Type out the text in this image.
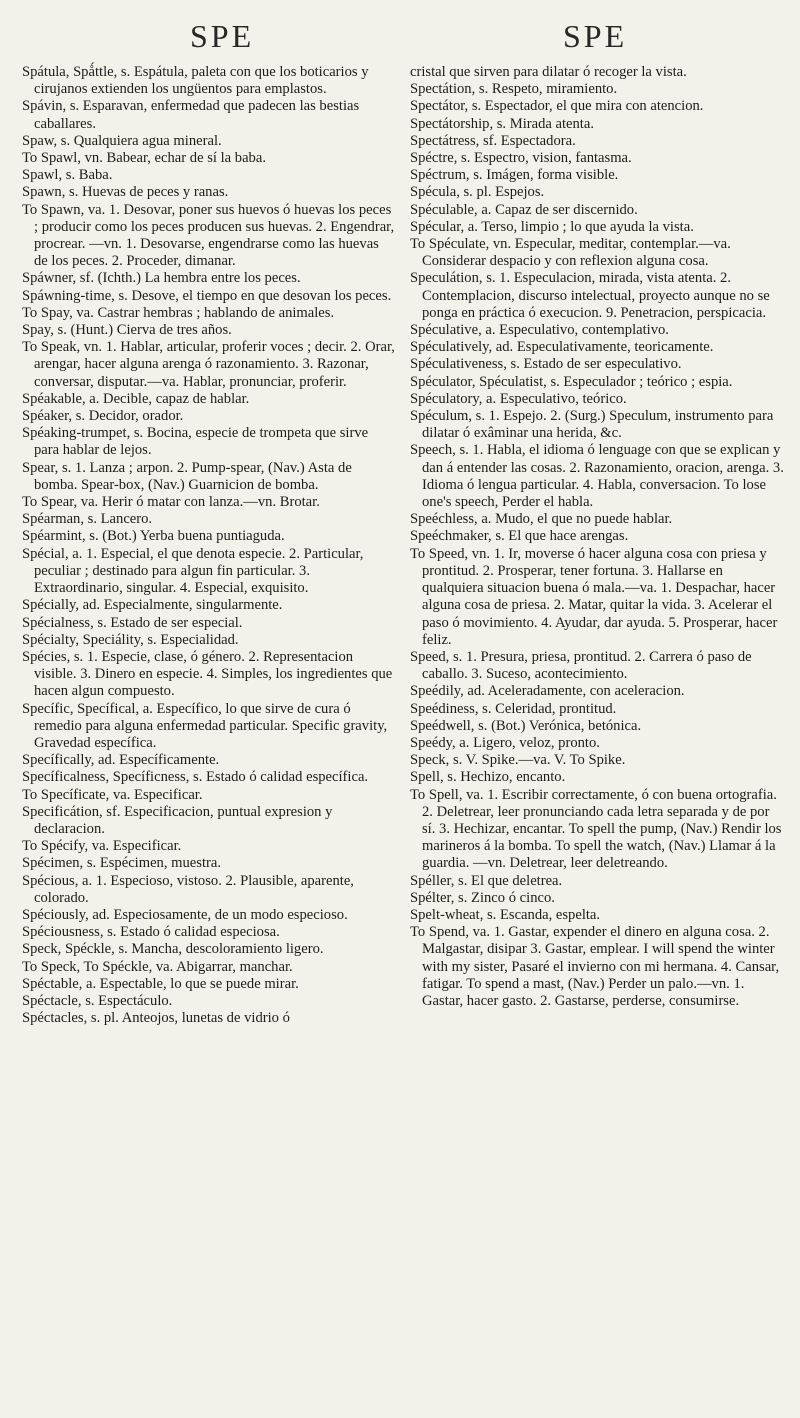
SPE	SPE

Spátula, Spǻttle, s. Espátula, paleta con que los boticarios y cirujanos extienden los ungüentos para emplastos.

Spávin, s. Esparavan, enfermedad que padecen las bestias caballares.

Spaw, s. Qualquiera agua mineral.

To Spawl, vn. Babear, echar de sí la baba.

Spawl, s. Baba.

Spawn, s. Huevas de peces y ranas.

To Spawn, va. 1. Desovar, poner sus huevos ó huevas los peces ; producir como los peces producen sus huevas. 2. Engendrar, procrear. —vn. 1. Desovarse, engendrarse como las huevas de los peces. 2. Proceder, dimanar.

Spáwner, sf. (Ichth.) La hembra entre los peces.

Spáwning-time, s. Desove, el tiempo en que desovan los peces.

To Spay, va. Castrar hembras ; hablando de animales.

Spay, s. (Hunt.) Cierva de tres años.

To Speak, vn. 1. Hablar, articular, proferir voces ; decir. 2. Orar, arengar, hacer alguna arenga ó razonamiento. 3. Razonar, conversar, disputar.—va. Hablar, pronunciar, proferir.

Spéakable, a. Decible, capaz de hablar.

Spéaker, s. Decidor, orador.

Spéaking-trumpet, s. Bocina, especie de trompeta que sirve para hablar de lejos.

Spear, s. 1. Lanza ; arpon. 2. Pump-spear, (Nav.) Asta de bomba. Spear-box, (Nav.) Guarnicion de bomba.

To Spear, va. Herir ó matar con lanza.—vn. Brotar.

Spéarman, s. Lancero.

Spéarmint, s. (Bot.) Yerba buena puntiaguda.

Spécial, a. 1. Especial, el que denota especie. 2. Particular, peculiar ; destinado para algun fin particular. 3. Extraordinario, singular. 4. Especial, exquisito.

Spécially, ad. Especialmente, singularmente.

Spécialness, s. Estado de ser especial.

Spécialty, Speciálity, s. Especialidad.

Spécies, s. 1. Especie, clase, ó género. 2. Representacion visible. 3. Dinero en especie. 4. Simples, los ingredientes que hacen algun compuesto.

Specífic, Specífical, a. Específico, lo que sirve de cura ó remedio para alguna enfermedad particular. Specific gravity, Gravedad específica.

Specífically, ad. Específicamente.

Specíficalness, Specíficness, s. Estado ó calidad específica.

To Specíficate, va. Especificar.

Specificátion, sf. Especificacion, puntual expresion y declaracion.

To Spécify, va. Especificar.

Spécimen, s. Espécimen, muestra.

Spécious, a. 1. Especioso, vistoso. 2. Plausible, aparente, colorado.

Spéciously, ad. Especiosamente, de un modo especioso.

Spéciousness, s. Estado ó calidad especiosa.

Speck, Spéckle, s. Mancha, descoloramiento ligero.

To Speck, To Spéckle, va. Abigarrar, manchar.

Spéctable, a. Espectable, lo que se puede mirar.

Spéctacle, s. Espectáculo.

Spéctacles, s. pl. Anteojos, lunetas de vidrio ó

cristal que sirven para dilatar ó recoger la vista.

Spectátion, s. Respeto, miramiento.

Spectátor, s. Espectador, el que mira con atencion.

Spectátorship, s. Mirada atenta.

Spectátress, sf. Espectadora.

Spéctre, s. Espectro, vision, fantasma.

Spéctrum, s. Imágen, forma visible.

Spécula, s. pl. Espejos.

Spéculable, a. Capaz de ser discernido.

Spécular, a. Terso, limpio ; lo que ayuda la vista.

To Spéculate, vn. Especular, meditar, contemplar.—va. Considerar despacio y con reflexion alguna cosa.

Speculátion, s. 1. Especulacion, mirada, vista atenta. 2. Contemplacion, discurso intelectual, proyecto aunque no se ponga en práctica ó execucion. 9. Penetracion, perspicacia.

Spéculative, a. Especulativo, contemplativo.

Spéculatively, ad. Especulativamente, teoricamente.

Spéculativeness, s. Estado de ser especulativo.

Spéculator, Spéculatist, s. Especulador ; teórico ; espia.

Spéculatory, a. Especulativo, teórico.

Spéculum, s. 1. Espejo. 2. (Surg.) Speculum, instrumento para dilatar ó exâminar una herida, &c.

Speech, s. 1. Habla, el idioma ó lenguage con que se explican y dan á entender las cosas. 2. Razonamiento, oracion, arenga. 3. Idioma ó lengua particular. 4. Habla, conversacion. To lose one's speech, Perder el habla.

Speéchless, a. Mudo, el que no puede hablar.

Speéchmaker, s. El que hace arengas.

To Speed, vn. 1. Ir, moverse ó hacer alguna cosa con priesa y prontitud. 2. Prosperar, tener fortuna. 3. Hallarse en qualquiera situacion buena ó mala.—va. 1. Despachar, hacer alguna cosa de priesa. 2. Matar, quitar la vida. 3. Acelerar el paso ó movimiento. 4. Ayudar, dar ayuda. 5. Prosperar, hacer feliz.

Speed, s. 1. Presura, priesa, prontitud. 2. Carrera ó paso de caballo. 3. Suceso, acontecimiento.

Speédily, ad. Aceleradamente, con aceleracion.

Speédiness, s. Celeridad, prontitud.

Speédwell, s. (Bot.) Verónica, betónica.

Speédy, a. Ligero, veloz, pronto.

Speck, s. V. Spike.—va. V. To Spike.

Spell, s. Hechizo, encanto.

To Spell, va. 1. Escribir correctamente, ó con buena ortografia. 2. Deletrear, leer pronunciando cada letra separada y de por sí. 3. Hechizar, encantar. To spell the pump, (Nav.) Rendir los marineros á la bomba. To spell the watch, (Nav.) Llamar á la guardia. —vn. Deletrear, leer deletreando.

Spéller, s. El que deletrea.

Spélter, s. Zinco ó cinco.

Spelt-wheat, s. Escanda, espelta.

To Spend, va. 1. Gastar, expender el dinero en alguna cosa. 2. Malgastar, disipar 3. Gastar, emplear. I will spend the winter with my sister, Pasaré el invierno con mi hermana. 4. Cansar, fatigar. To spend a mast, (Nav.) Perder un palo.—vn. 1. Gastar, hacer gasto. 2. Gastarse, perderse, consumirse.
